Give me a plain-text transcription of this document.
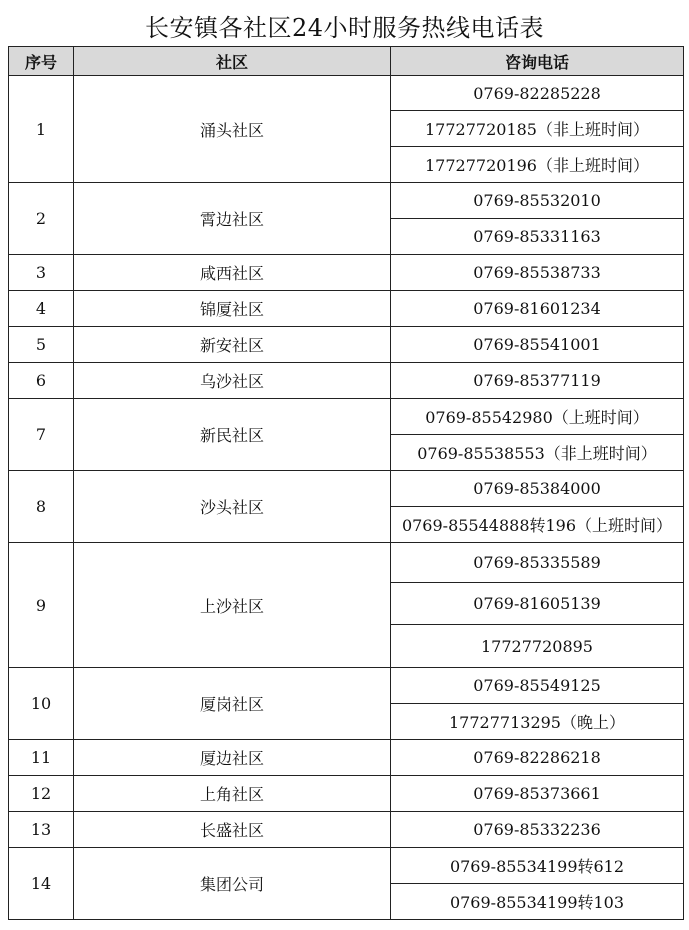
长安镇各社区24小时服务热线电话表
序号	社区	咨询电话
1	涌头社区	0769-82285228
		17727720185（非上班时间）
		17727720196（非上班时间）
2	霄边社区	0769-85532010
		0769-85331163
3	咸西社区	0769-85538733
4	锦厦社区	0769-81601234
5	新安社区	0769-85541001
6	乌沙社区	0769-85377119
7	新民社区	0769-85542980（上班时间）
		0769-85538553（非上班时间）
8	沙头社区	0769-85384000
		0769-85544888转196（上班时间）
9	上沙社区	0769-85335589
		0769-81605139
		17727720895
10	厦岗社区	0769-85549125
		17727713295（晚上）
11	厦边社区	0769-82286218
12	上角社区	0769-85373661
13	长盛社区	0769-85332236
14	集团公司	0769-85534199转612
		0769-85534199转103
